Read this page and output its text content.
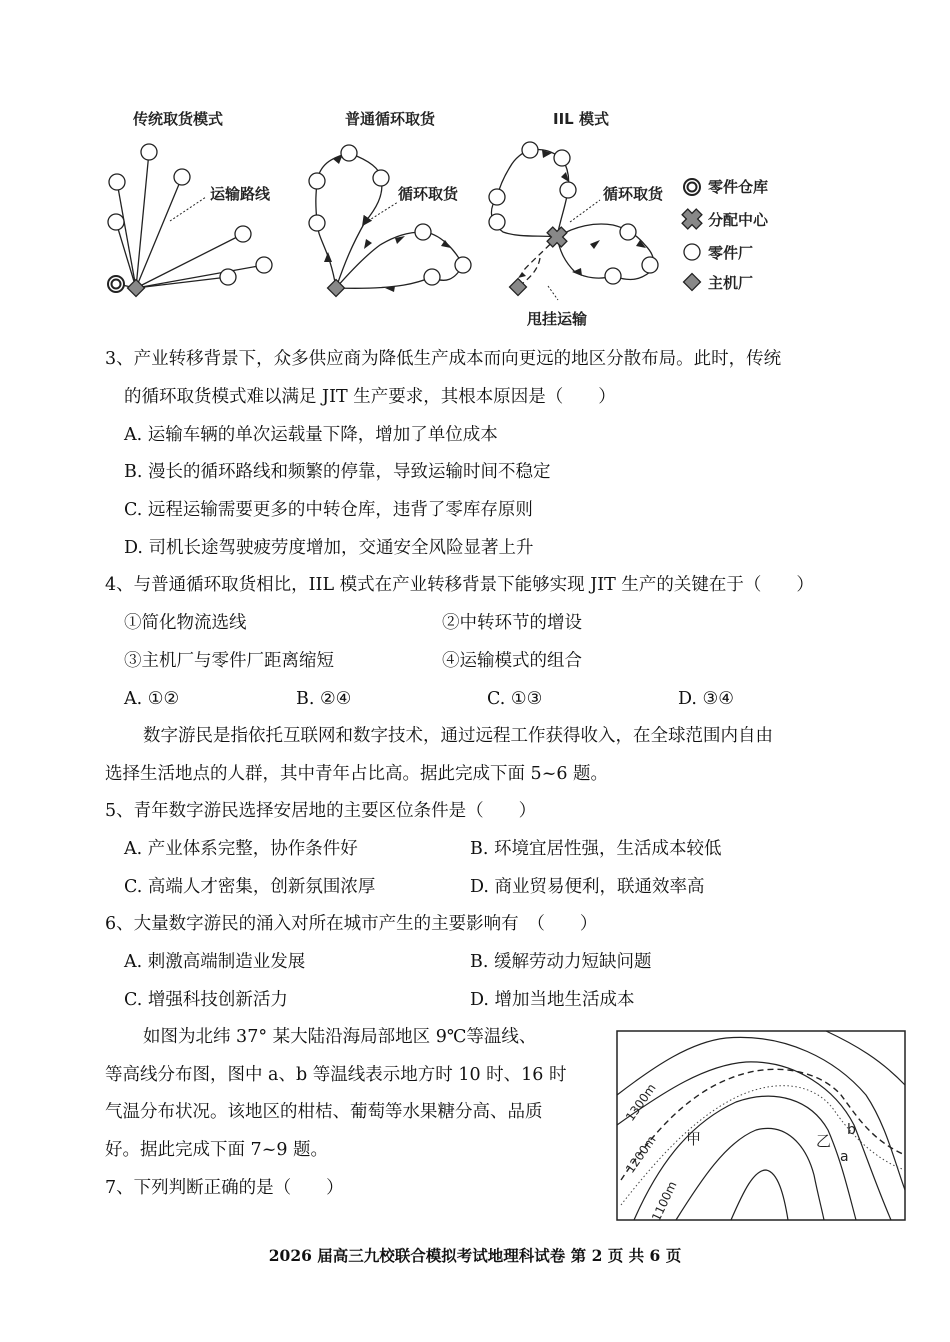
传统取货模式	普通循环取货	IIL 模式
运输路线	循环取货	循环取货
甩挂运输
零件仓库
分配中心
零件厂
主机厂
3、产业转移背景下，众多供应商为降低生产成本而向更远的地区分散布局。此时，传统
的循环取货模式难以满足 JIT 生产要求，其根本原因是（　　）
A. 运输车辆的单次运载量下降，增加了单位成本
B. 漫长的循环路线和频繁的停靠，导致运输时间不稳定
C. 远程运输需要更多的中转仓库，违背了零库存原则
D. 司机长途驾驶疲劳度增加，交通安全风险显著上升
4、与普通循环取货相比，IIL 模式在产业转移背景下能够实现 JIT 生产的关键在于（　　）
①简化物流选线	②中转环节的增设
③主机厂与零件厂距离缩短	④运输模式的组合
A. ①②	B. ②④	C. ①③	D. ③④
数字游民是指依托互联网和数字技术，通过远程工作获得收入，在全球范围内自由
选择生活地点的人群，其中青年占比高。据此完成下面 5~6 题。
5、青年数字游民选择安居地的主要区位条件是（　　）
A. 产业体系完整，协作条件好	B. 环境宜居性强，生活成本较低
C. 高端人才密集，创新氛围浓厚	D. 商业贸易便利，联通效率高
6、大量数字游民的涌入对所在城市产生的主要影响有　（　　）
A. 刺激高端制造业发展	B. 缓解劳动力短缺问题
C. 增强科技创新活力	D. 增加当地生活成本
如图为北纬 37° 某大陆沿海局部地区 9℃等温线、
等高线分布图，图中 a、b 等温线表示地方时 10 时、16 时
气温分布状况。该地区的柑桔、葡萄等水果糖分高、品质
好。据此完成下面 7~9 题。
7、下列判断正确的是（　　）
1300m
1200m
1100m
甲	乙
b
a
2026 届高三九校联合模拟考试地理科试卷 第 2 页 共 6 页
